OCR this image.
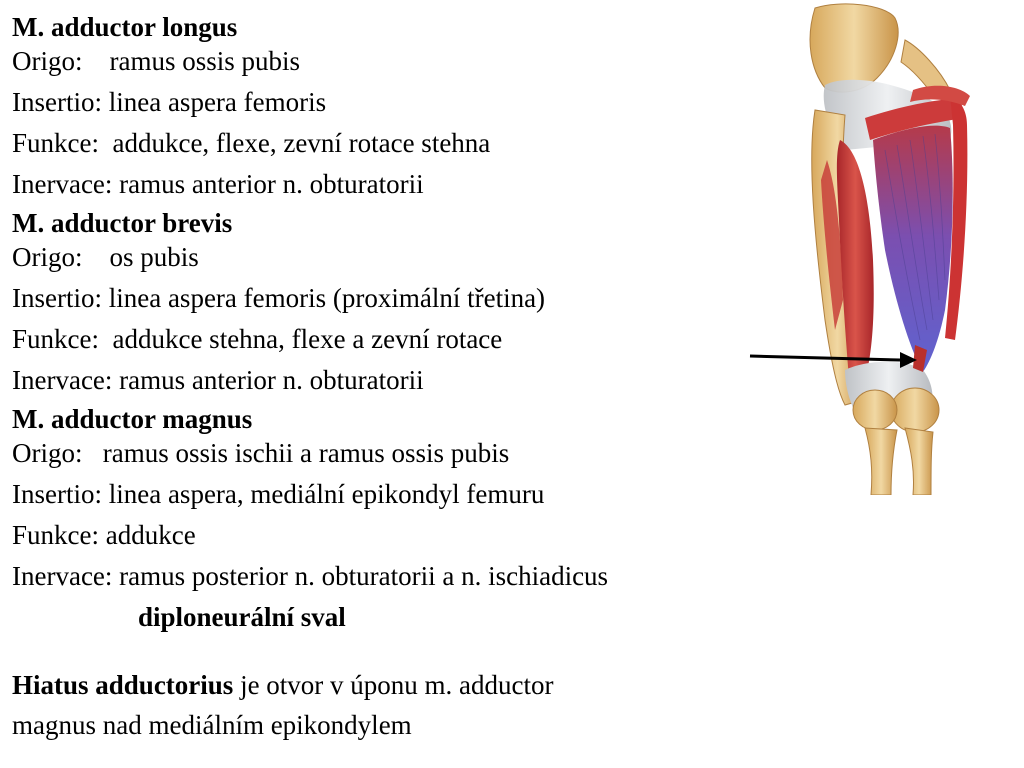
M. adductor longus
Origo:    ramus ossis pubis
Insertio: linea aspera femoris
Funkce:  addukce, flexe, zevní rotace stehna
Inervace: ramus anterior n. obturatorii
M. adductor brevis
Origo:    os pubis
Insertio: linea aspera femoris (proximální třetina)
Funkce:  addukce stehna, flexe a zevní rotace
Inervace: ramus anterior n. obturatorii
M. adductor magnus
Origo:   ramus ossis ischii a ramus ossis pubis
Insertio: linea aspera, mediální epikondyl femuru
Funkce: addukce
Inervace: ramus posterior n. obturatorii a n. ischiadicus
diploneurální sval
Hiatus adductorius je otvor v úponu m. adductor
magnus nad mediálním epikondylem
